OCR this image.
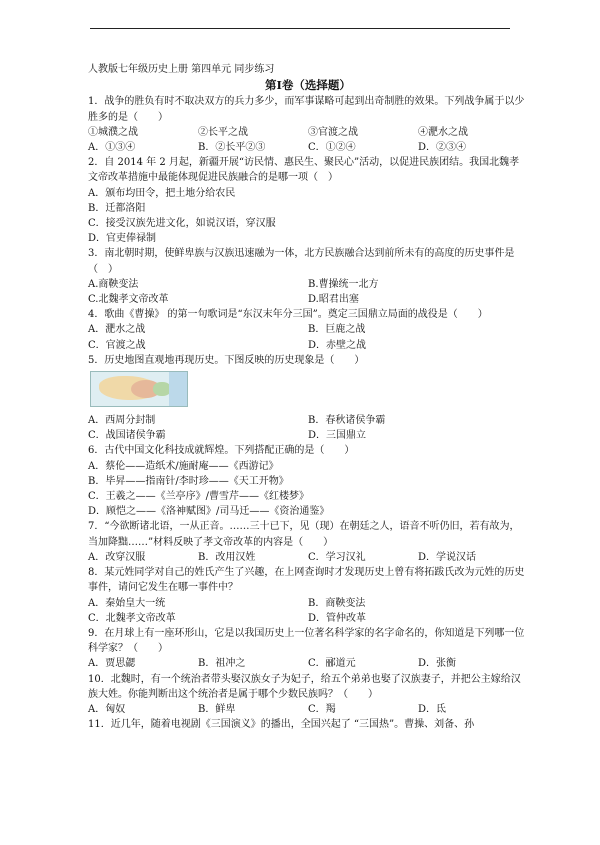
人教版七年级历史上册 第四单元 同步练习
第Ⅰ卷（选择题）
1．战争的胜负有时不取决双方的兵力多少，而军事谋略可起到出奇制胜的效果。下列战争属于以少胜多的是（　　）
①城濮之战	②长平之战	③官渡之战	④淝水之战
A．①③④	B．②长平②③	C．①②④	D．②③④
2．自 2014 年 2 月起，新疆开展“访民情、惠民生、聚民心”活动，以促进民族团结。我国北魏孝文帝改革措施中最能体现促进民族融合的是哪一项（　）
A．颁布均田令，把土地分给农民
B．迁都洛阳
C．接受汉族先进文化，如说汉语，穿汉服
D．官吏俸禄制
3．南北朝时期，使鲜卑族与汉族迅速融为一体，北方民族融合达到前所未有的高度的历史事件是（　）
A.商鞅变法	B.曹操统一北方
C.北魏孝文帝改革	D.昭君出塞
4．歌曲《曹操》 的第一句歌词是“东汉末年分三国”。奠定三国鼎立局面的战役是（　　）
A．淝水之战	B．巨鹿之战
C．官渡之战	D．赤壁之战
5．历史地图直观地再现历史。下图反映的历史现象是（　　）
A．西周分封制	B．春秋诸侯争霸
C．战国诸侯争霸	D．三国鼎立
6．古代中国文化科技成就辉煌。下列搭配正确的是（　　）
A．蔡伦——造纸术/施耐庵——《西游记》
B．毕昇——指南针/李时珍——《天工开物》
C．王羲之——《兰亭序》/曹雪芹——《红楼梦》
D．顾恺之——《洛神赋图》/司马迁——《资治通鉴》
7．“今欲断诸北语，一从正音。……三十已下，见（现）在朝廷之人，语音不听仍旧，若有故为，当加降黜……”材料反映了孝文帝改革的内容是（　　）
A．改穿汉服	B．改用汉姓	C．学习汉礼	D．学说汉话
8．某元姓同学对自己的姓氏产生了兴趣，在上网查询时才发现历史上曾有将拓跋氏改为元姓的历史事件，请问它发生在哪一事件中？
A．秦始皇大一统	B．商鞅变法
C．北魏孝文帝改革	D．管仲改革
9．在月球上有一座环形山，它是以我国历史上一位著名科学家的名字命名的，你知道是下列哪一位科学家？（　　）
A．贾思勰	B．祖冲之	C．郦道元	D．张衡
10．北魏时，有一个统治者带头娶汉族女子为妃子，给五个弟弟也娶了汉族妻子，并把公主嫁给汉族大姓。你能判断出这个统治者是属于哪个少数民族吗？（　　）
A．匈奴	B．鲜卑	C．羯	D．氐
11．近几年，随着电视剧《三国演义》的播出，全国兴起了 “三国热”。曹操、刘备、孙
